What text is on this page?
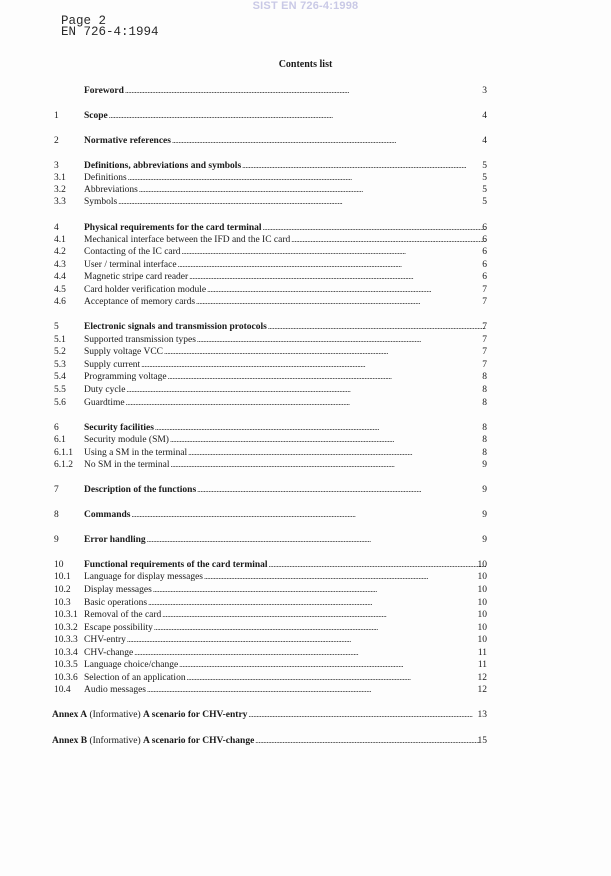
SIST EN 726-4:1998
Page 2
EN 726-4:1994
Contents list
Foreword . . .	3
1	Scope . . .	4
2	Normative references . . .	4
3	Definitions, abbreviations and symbols . . .	5
3.1 Definitions . . .	5
3.2 Abbreviations . . .	5
3.3 Symbols . . .	5
4	Physical requirements for the card terminal . . .	6
4.1 Mechanical interface between the IFD and the IC card . . .	6
4.2 Contacting of the IC card . . .	6
4.3 User / terminal interface . . .	6
4.4 Magnetic stripe card reader . . .	6
4.5 Card holder verification module . . .	7
4.6 Acceptance of memory cards . . .	7
5	Electronic signals and transmission protocols . . .	7
5.1 Supported transmission types . . .	7
5.2 Supply voltage VCC . . .	7
5.3 Supply current . . .	7
5.4 Programming voltage . . .	8
5.5 Duty cycle . . .	8
5.6 Guardtime . . .	8
6	Security facilities . . .	8
6.1 Security module (SM) . . .	8
6.1.1 Using a SM in the terminal . . .	8
6.1.2 No SM in the terminal . . .	9
7	Description of the functions . . .	9
8	Commands . . .	9
9	Error handling . . .	9
10 Functional requirements of the card terminal . . .	10
10.1 Language for display messages . . .	10
10.2 Display messages . . .	10
10.3 Basic operations . . .	10
10.3.1 Removal of the card . . .	10
10.3.2 Escape possibility . . .	10
10.3.3 CHV-entry . . .	10
10.3.4 CHV-change . . .	11
10.3.5 Language choice/change . . .	11
10.3.6 Selection of an application . . .	12
10.4 Audio messages . . .	12
Annex A (Informative) A scenario for CHV-entry . . .	13
Annex B (Informative) A scenario for CHV-change . . .	15
